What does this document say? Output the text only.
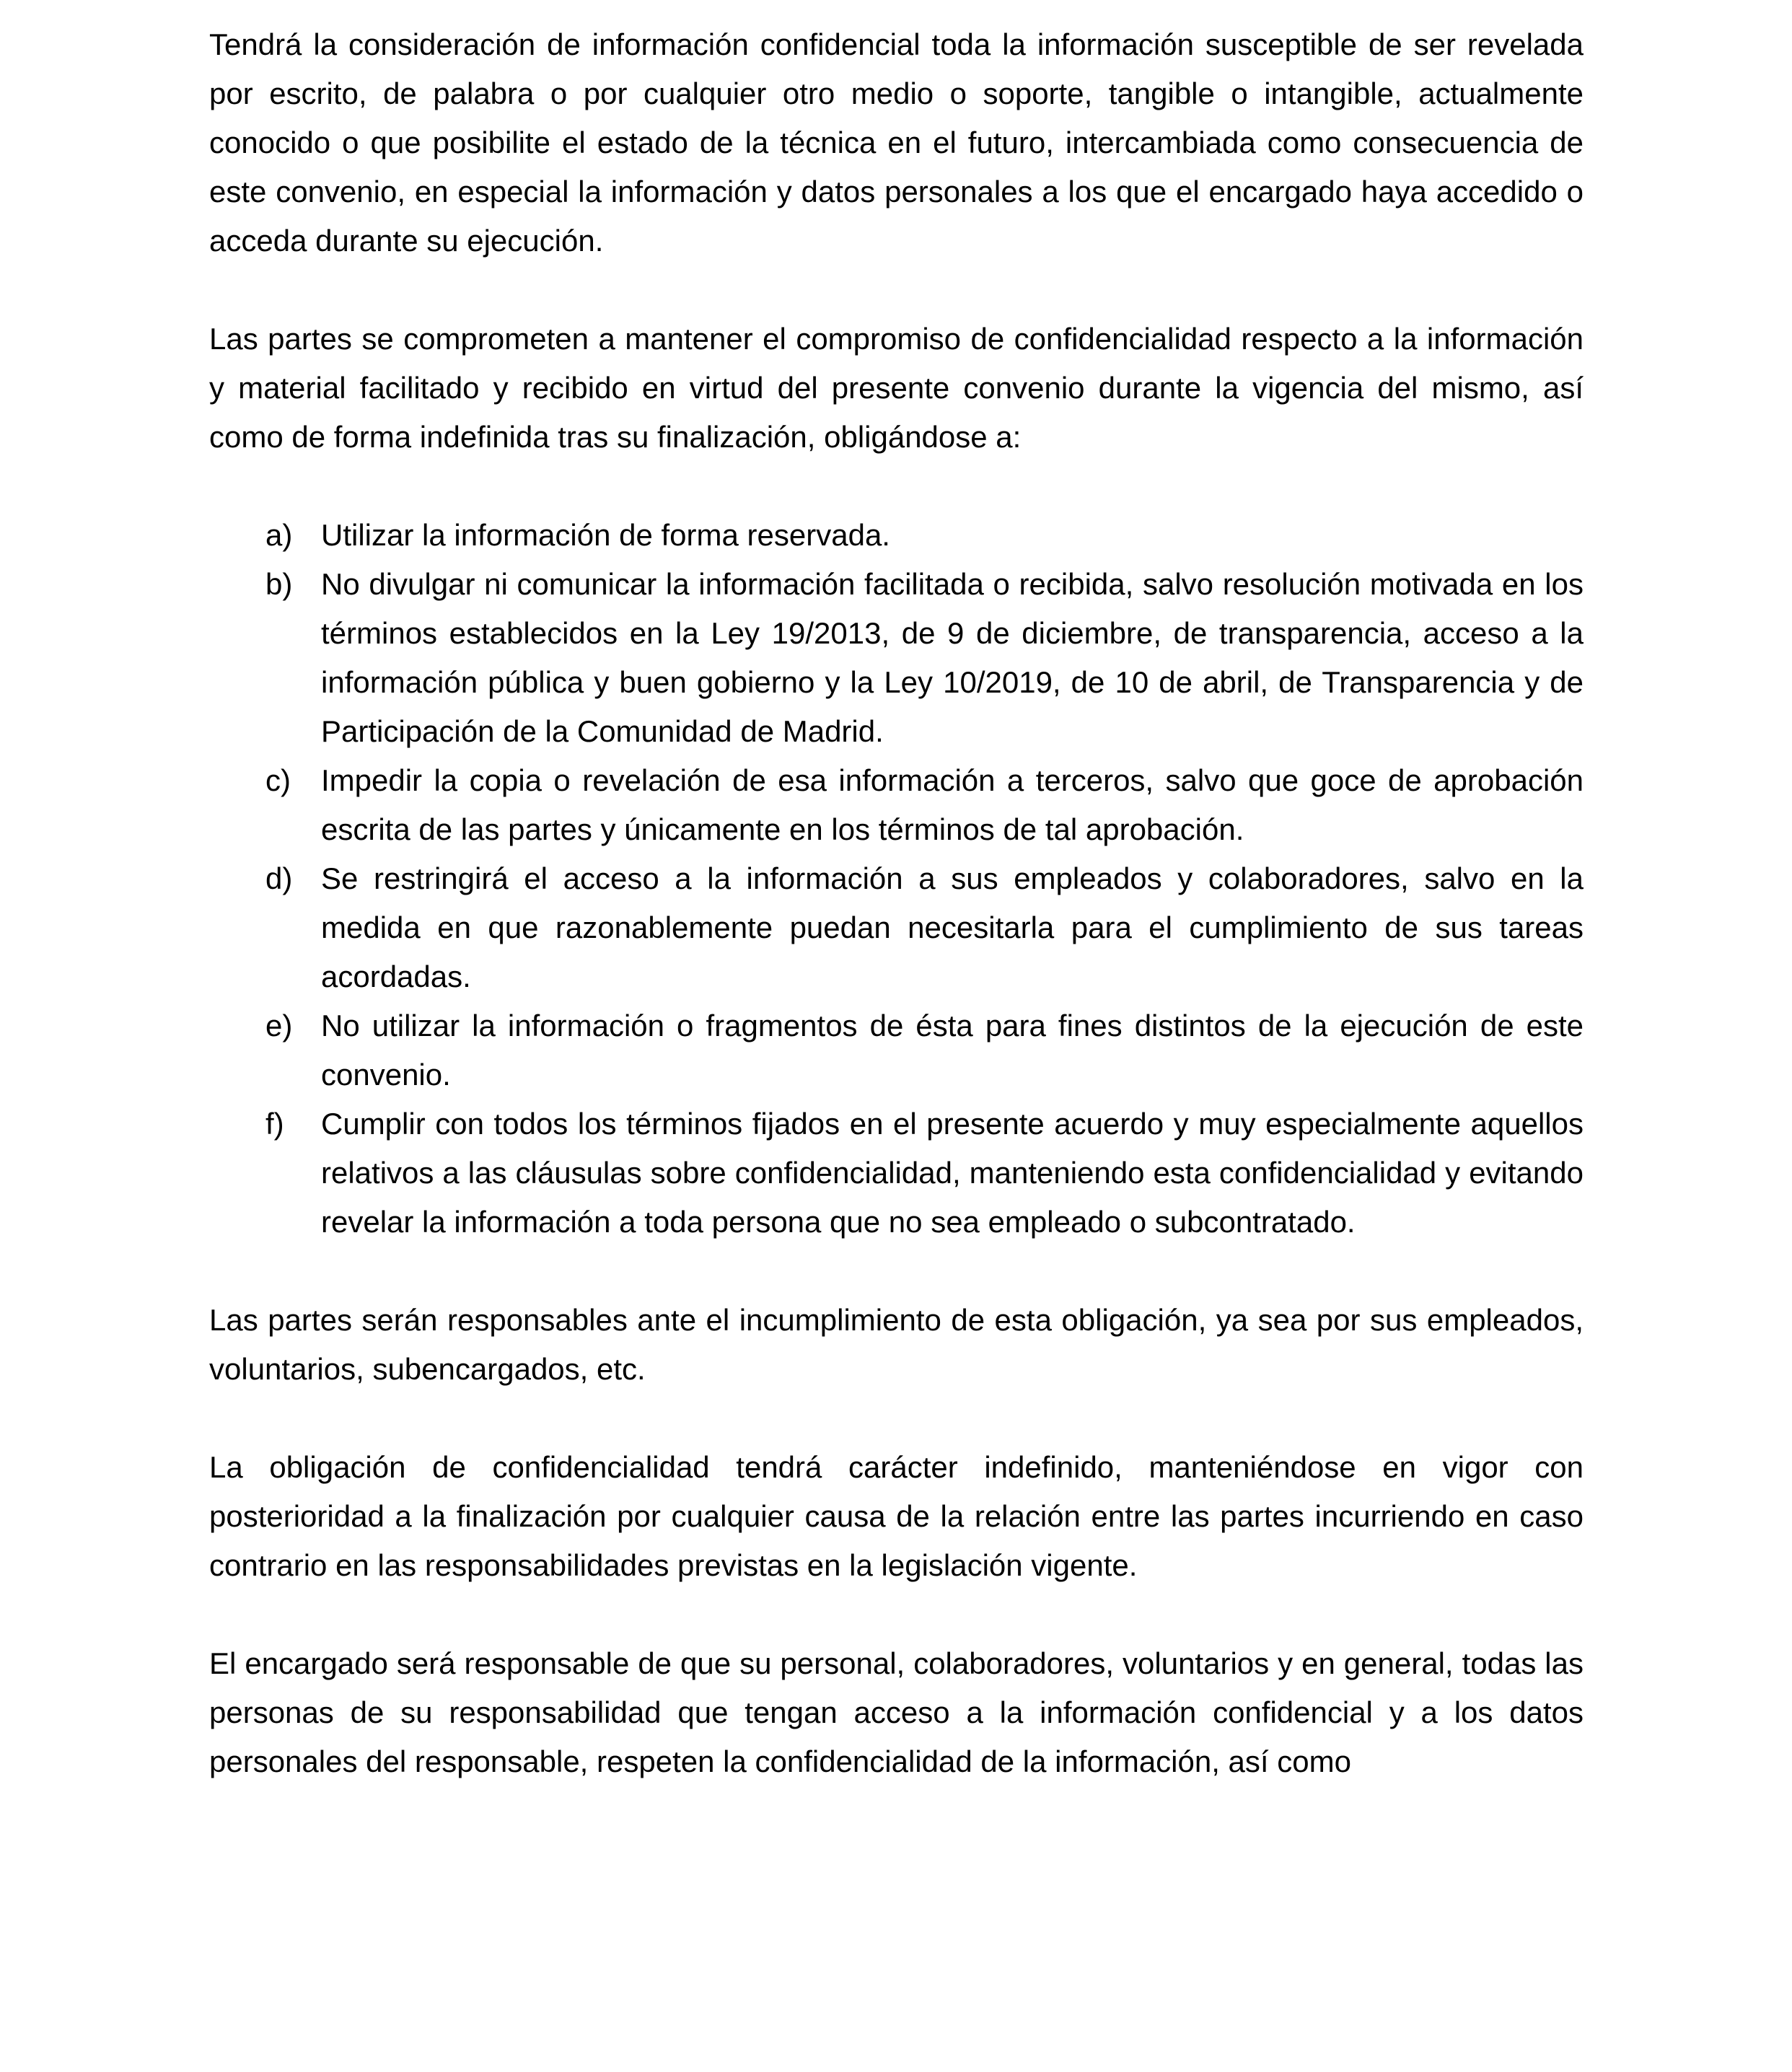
Tendrá la consideración de información confidencial toda la información susceptible de ser revelada por escrito, de palabra o por cualquier otro medio o soporte, tangible o intangible, actualmente conocido o que posibilite el estado de la técnica en el futuro, intercambiada como consecuencia de este convenio, en especial la información y datos personales a los que el encargado haya accedido o acceda durante su ejecución.

Las partes se comprometen a mantener el compromiso de confidencialidad respecto a la información y material facilitado y recibido en virtud del presente convenio durante la vigencia del mismo, así como de forma indefinida tras su finalización, obligándose a:

a) Utilizar la información de forma reservada.
b) No divulgar ni comunicar la información facilitada o recibida, salvo resolución motivada en los términos establecidos en la Ley 19/2013, de 9 de diciembre, de transparencia, acceso a la información pública y buen gobierno y la Ley 10/2019, de 10 de abril, de Transparencia y de Participación de la Comunidad de Madrid.
c)	Impedir la copia o revelación de esa información a terceros, salvo que goce de aprobación escrita de las partes y únicamente en los términos de tal aprobación.
d) Se restringirá el acceso a la información a sus empleados y colaboradores, salvo en la medida en que razonablemente puedan necesitarla para el cumplimiento de sus tareas acordadas.
e) No utilizar la información o fragmentos de ésta para fines distintos de la ejecución de este convenio.
f)	Cumplir con todos los términos fijados en el presente acuerdo y muy especialmente aquellos relativos a las cláusulas sobre confidencialidad, manteniendo esta confidencialidad y evitando revelar la información a toda persona que no sea empleado o subcontratado.

Las partes serán responsables ante el incumplimiento de esta obligación, ya sea por sus empleados, voluntarios, subencargados, etc.

La obligación de confidencialidad tendrá carácter indefinido, manteniéndose en vigor con posterioridad a la finalización por cualquier causa de la relación entre las partes incurriendo en caso contrario en las responsabilidades previstas en la legislación vigente.

El encargado será responsable de que su personal, colaboradores, voluntarios y en general, todas las personas de su responsabilidad que tengan acceso a la información confidencial y a los datos personales del responsable, respeten la confidencialidad de la información, así como
